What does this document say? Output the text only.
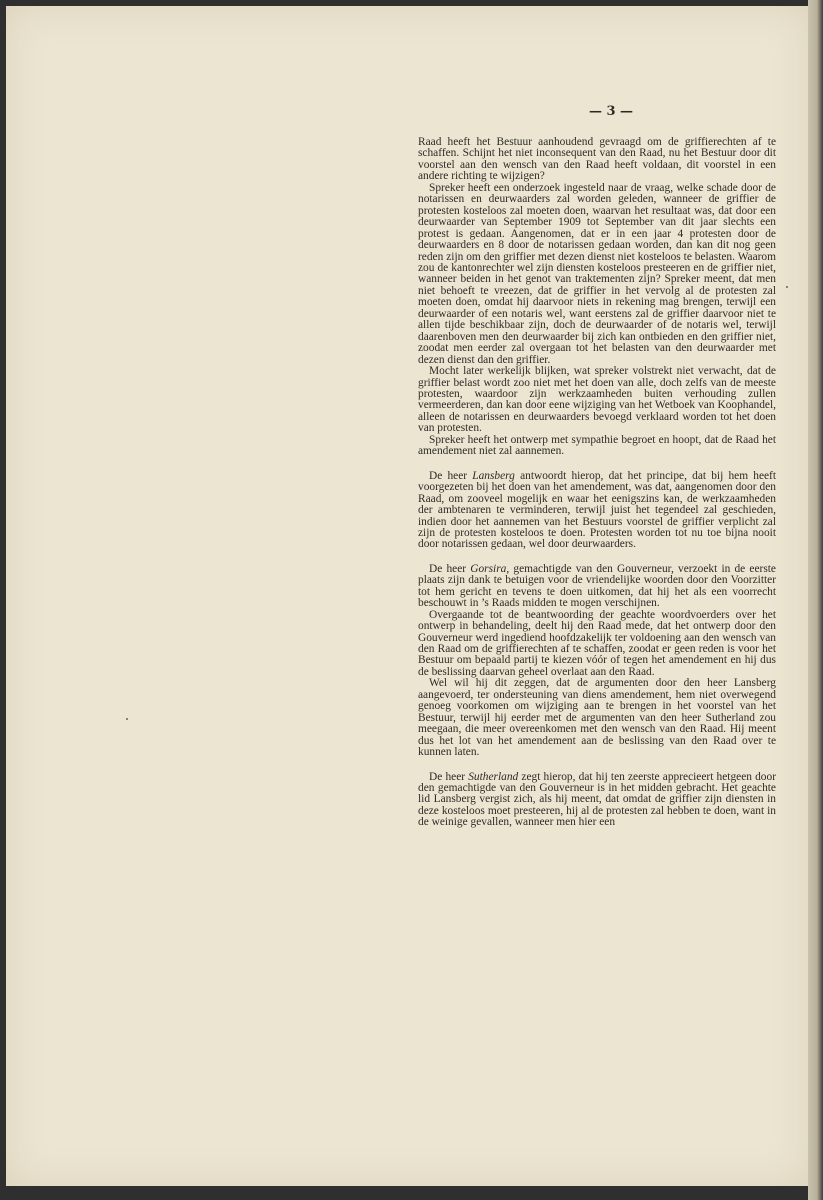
— 3 —

Raad heeft het Bestuur aanhoudend gevraagd om de griffierechten af te schaffen. Schijnt het niet inconsequent van den Raad, nu het Bestuur door dit voorstel aan den wensch van den Raad heeft voldaan, dit voorstel in een andere richting te wijzigen?

Spreker heeft een onderzoek ingesteld naar de vraag, welke schade door de notarissen en deurwaarders zal worden geleden, wanneer de griffier de protesten kosteloos zal moeten doen, waarvan het resultaat was, dat door een deurwaarder van September 1909 tot September van dit jaar slechts een protest is gedaan. Aangenomen, dat er in een jaar 4 protesten door de deurwaarders en 8 door de notarissen gedaan worden, dan kan dit nog geen reden zijn om den griffier met dezen dienst niet kosteloos te belasten. Waarom zou de kantonrechter wel zijn diensten kosteloos presteeren en de griffier niet, wanneer beiden in het genot van traktementen zijn? Spreker meent, dat men niet behoeft te vreezen, dat de griffier in het vervolg al de protesten zal moeten doen, omdat hij daarvoor niets in rekening mag brengen, terwijl een deurwaarder of een notaris wel, want eerstens zal de griffier daarvoor niet te allen tijde beschikbaar zijn, doch de deurwaarder of de notaris wel, terwijl daarenboven men den deurwaarder bij zich kan ontbieden en den griffier niet, zoodat men eerder zal overgaan tot het belasten van den deurwaarder met dezen dienst dan den griffier.

Mocht later werkelijk blijken, wat spreker volstrekt niet verwacht, dat de griffier belast wordt zoo niet met het doen van alle, doch zelfs van de meeste protesten, waardoor zijn werkzaamheden buiten verhouding zullen vermeerderen, dan kan door eene wijziging van het Wetboek van Koophandel, alleen de notarissen en deurwaarders bevoegd verklaard worden tot het doen van protesten.

Spreker heeft het ontwerp met sympathie begroet en hoopt, dat de Raad het amendement niet zal aannemen.

De heer Lansberg antwoordt hierop, dat het principe, dat bij hem heeft voorgezeten bij het doen van het amendement, was dat, aangenomen door den Raad, om zooveel mogelijk en waar het eenigszins kan, de werkzaamheden der ambtenaren te verminderen, terwijl juist het tegendeel zal geschieden, indien door het aannemen van het Bestuurs voorstel de griffier verplicht zal zijn de protesten kosteloos te doen. Protesten worden tot nu toe bijna nooit door notarissen gedaan, wel door deurwaarders.

De heer Gorsira, gemachtigde van den Gouverneur, verzoekt in de eerste plaats zijn dank te betuigen voor de vriendelijke woorden door den Voorzitter tot hem gericht en tevens te doen uitkomen, dat hij het als een voorrecht beschouwt in ’s Raads midden te mogen verschijnen.

Overgaande tot de beantwoording der geachte woordvoerders over het ontwerp in behandeling, deelt hij den Raad mede, dat het ontwerp door den Gouverneur werd ingediend hoofdzakelijk ter voldoening aan den wensch van den Raad om de griffierechten af te schaffen, zoodat er geen reden is voor het Bestuur om bepaald partij te kiezen vóór of tegen het amendement en hij dus de beslissing daarvan geheel overlaat aan den Raad.

Wel wil hij dit zeggen, dat de argumenten door den heer Lansberg aangevoerd, ter ondersteuning van diens amendement, hem niet overwegend genoeg voorkomen om wijziging aan te brengen in het voorstel van het Bestuur, terwijl hij eerder met de argumenten van den heer Sutherland zou meegaan, die meer overeenkomen met den wensch van den Raad. Hij meent dus het lot van het amendement aan de beslissing van den Raad over te kunnen laten.

De heer Sutherland zegt hierop, dat hij ten zeerste apprecieert hetgeen door den gemachtigde van den Gouverneur is in het midden gebracht. Het geachte lid Lansberg vergist zich, als hij meent, dat omdat de griffier zijn diensten in deze kosteloos moet presteeren, hij al de protesten zal hebben te doen, want in de weinige gevallen, wanneer men hier een
